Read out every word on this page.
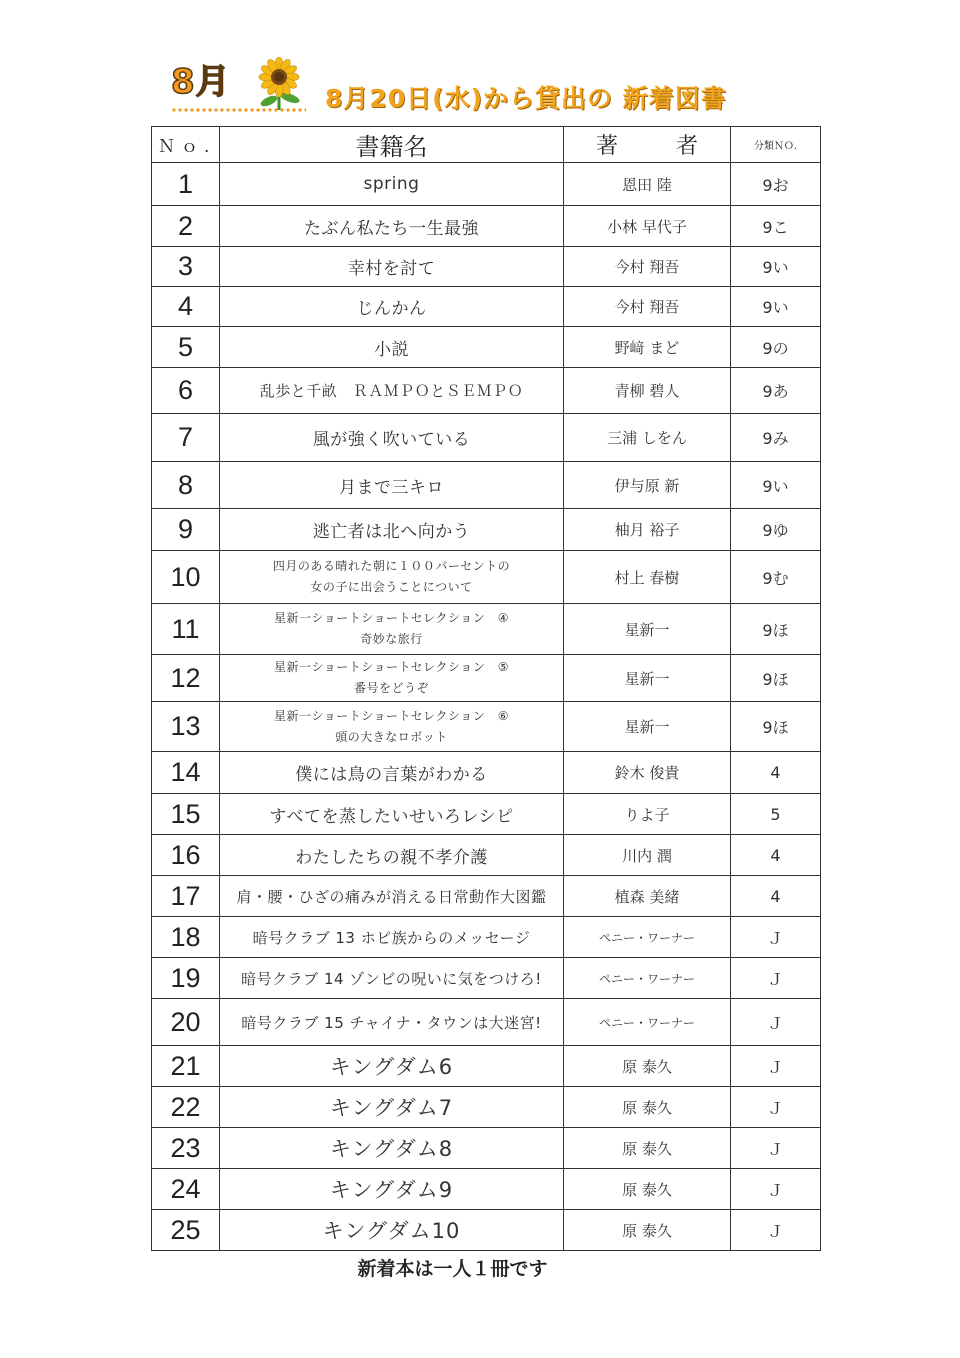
8月	8月20日(水)から貸出の 新着図書
Ｎｏ.	書籍名	著　者	分類ＮＯ.
1	spring	恩田 陸	9お
2	たぶん私たち一生最強	小林 早代子	9こ
3	幸村を討て	今村 翔吾	9い
4	じんかん	今村 翔吾	9い
5	小説	野﨑 まど	9の
6	乱歩と千畝　ＲＡＭＰＯとＳＥＭＰＯ	青柳 碧人	9あ
7	風が強く吹いている	三浦 しをん	9み
8	月まで三キロ	伊与原 新	9い
9	逃亡者は北へ向かう	柚月 裕子	9ゆ
10	四月のある晴れた朝に１００パーセントの
女の子に出会うことについて	村上 春樹	9む
11	星新一ショートショートセレクション　④
奇妙な旅行	星新一	9ほ
12	星新一ショートショートセレクション　⑤
番号をどうぞ	星新一	9ほ
13	星新一ショートショートセレクション　⑥
頭の大きなロボット	星新一	9ほ
14	僕には鳥の言葉がわかる	鈴木 俊貴	4
15	すべてを蒸したいせいろレシピ	りよ子	5
16	わたしたちの親不孝介護	川内 潤	4
17	肩・腰・ひざの痛みが消える日常動作大図鑑	植森 美緒	4
18	暗号クラブ 13 ホピ族からのメッセージ	ペニー・ワーナー	Ｊ
19	暗号クラブ 14 ゾンビの呪いに気をつけろ!	ペニー・ワーナー	Ｊ
20	暗号クラブ 15 チャイナ・タウンは大迷宮!	ペニー・ワーナー	Ｊ
21	キングダム6	原 泰久	Ｊ
22	キングダム7	原 泰久	Ｊ
23	キングダム8	原 泰久	Ｊ
24	キングダム9	原 泰久	Ｊ
25	キングダム10	原 泰久	Ｊ
新着本は一人１冊です
